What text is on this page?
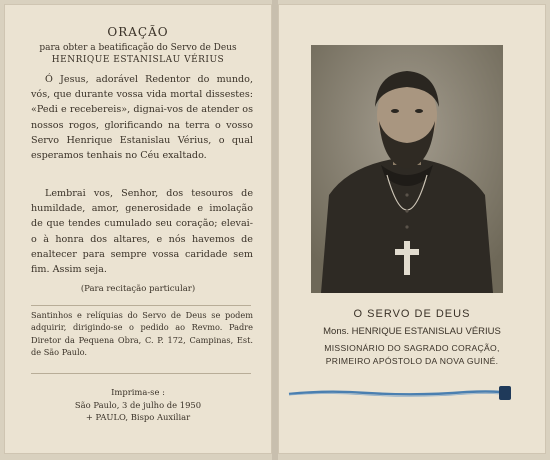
ORAÇÃO
para obter a beatificação do Servo de Deus
HENRIQUE ESTANISLAU VÉRIUS

Ó Jesus, adorável Redentor do mundo, vós, que durante vossa vida mortal dissestes: «Pedi e recebereis», dignai-vos de atender os nossos rogos, glorificando na terra o vosso Servo Henrique Estanislau Vérius, o qual esperamos tenhais no Céu exaltado.

Lembrai vos, Senhor, dos tesouros de humildade, amor, generosidade e imolação de que tendes cumulado seu coração; elevai-o à honra dos altares, e nós havemos de enaltecer para sempre vossa caridade sem fim. Assim seja.

(Para recitação particular)

Santinhos e relíquias do Servo de Deus se podem adquirir, dirigindo-se o pedido ao Revmo. Padre Diretor da Pequena Obra, C. P. 172, Campinas, Est. de São Paulo.

Imprima-se :
São Paulo, 3 de julho de 1950
+ PAULO, Bispo Auxiliar
O SERVO DE DEUS
Mons. HENRIQUE ESTANISLAU VÉRIUS
MISSIONÁRIO DO SAGRADO CORAÇÃO,
PRIMEIRO APÓSTOLO DA NOVA GUINÉ.
